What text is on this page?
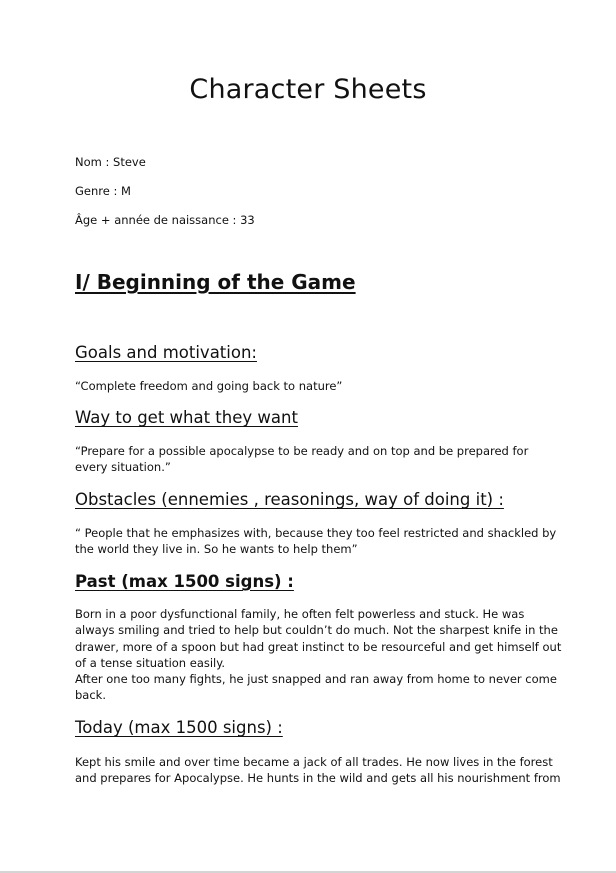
Character Sheets

Nom : Steve

Genre : M

Âge + année de naissance : 33

I/ Beginning of the Game
Goals and motivation:

“Complete freedom and going back to nature”

Way to get what they want

“Prepare for a possible apocalypse to be ready and on top and be prepared for
every situation.”

Obstacles (ennemies , reasonings, way of doing it) :

“ People that he emphasizes with, because they too feel restricted and shackled by
the world they live in. So he wants to help them”

Past (max 1500 signs) :

Born in a poor dysfunctional family, he often felt powerless and stuck. He was
always smiling and tried to help but couldn’t do much. Not the sharpest knife in the
drawer, more of a spoon but had great instinct to be resourceful and get himself out
of a tense situation easily.
After one too many fights, he just snapped and ran away from home to never come
back.

Today (max 1500 signs) :

Kept his smile and over time became a jack of all trades. He now lives in the forest
and prepares for Apocalypse. He hunts in the wild and gets all his nourishment from
